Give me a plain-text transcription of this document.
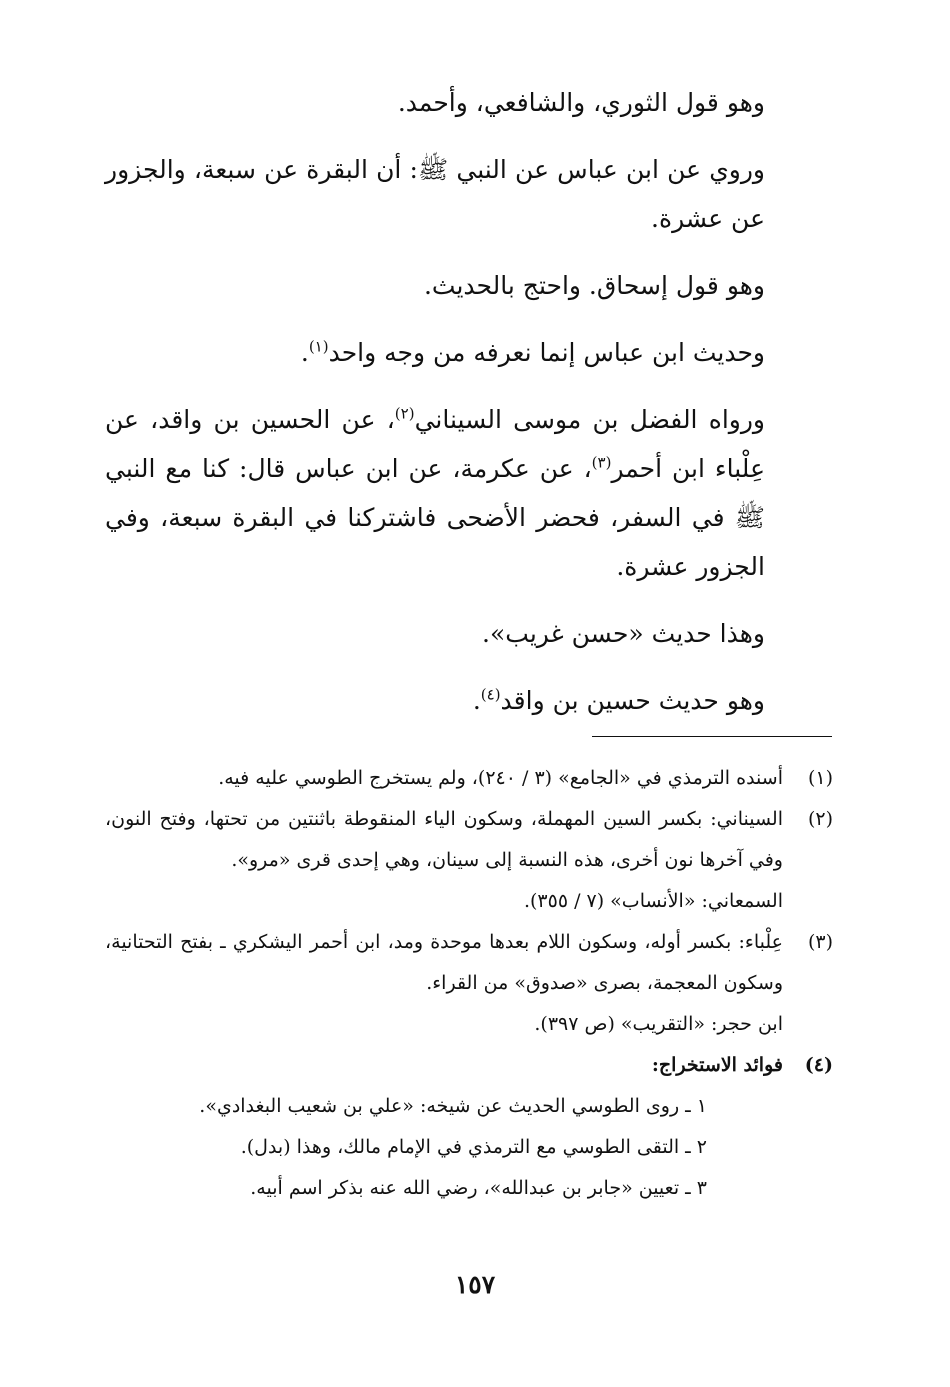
وهو قول الثوري، والشافعي، وأحمد.

وروي عن ابن عباس عن النبي ﷺ: أن البقرة عن سبعة، والجزور عن عشرة.

وهو قول إسحاق. واحتج بالحديث.

وحديث ابن عباس إنما نعرفه من وجه واحد$^{(١)}$.

ورواه الفضل بن موسى السيناني$^{(٢)}$، عن الحسين بن واقد، عن عِلْباء ابن أحمر$^{(٣)}$، عن عكرمة، عن ابن عباس قال: كنا مع النبي ﷺ في السفر، فحضر الأضحى فاشتركنا في البقرة سبعة، وفي الجزور عشرة.

وهذا حديث «حسن غريب».

وهو حديث حسين بن واقد$^{(٤)}$.

(١)
أسنده الترمذي في «الجامع» (٣ / ٢٤٠)، ولم يستخرج الطوسي عليه فيه.
(٢)
السيناني: بكسر السين المهملة، وسكون الياء المنقوطة باثنتين من تحتها، وفتح النون، وفي آخرها نون أخرى، هذه النسبة إلى سينان، وهي إحدى قرى «مرو».
السمعاني: «الأنساب» (٧ / ٣٥٥).
(٣)
عِلْباء: بكسر أوله، وسكون اللام بعدها موحدة ومد، ابن أحمر اليشكري ـ بفتح التحتانية، وسكون المعجمة، بصرى «صدوق» من القراء.
ابن حجر: «التقريب» (ص ٣٩٧).
(٤)
فوائد الاستخراج:
١ ـ روى الطوسي الحديث عن شيخه: «علي بن شعيب البغدادي».
٢ ـ التقى الطوسي مع الترمذي في الإمام مالك، وهذا (بدل).
٣ ـ تعيين «جابر بن عبدالله»، رضي الله عنه بذكر اسم أبيه.
١٥٧
